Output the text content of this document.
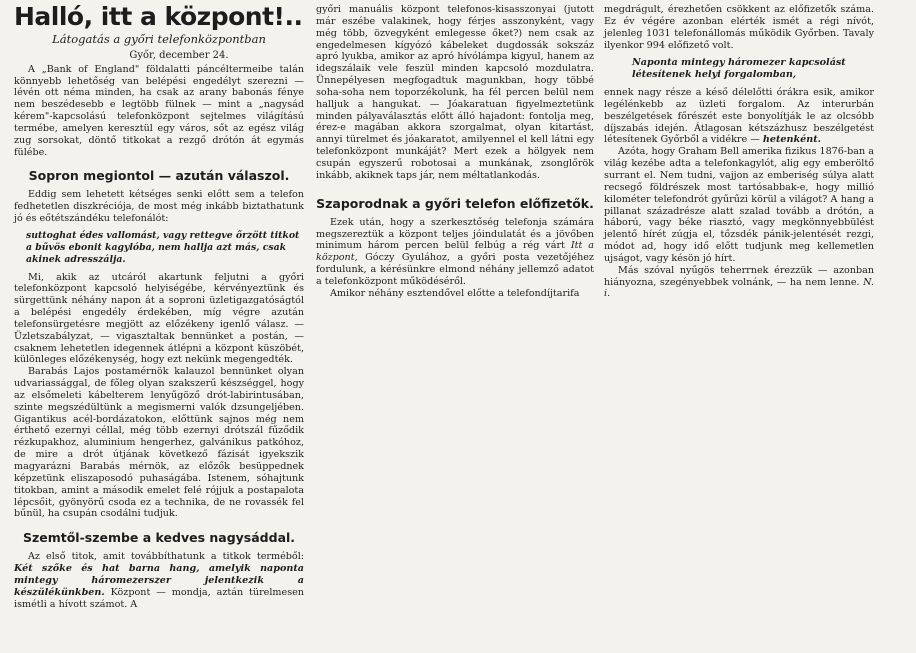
Halló, itt a központ!..
Látogatás a győri telefonközpontban
Győr, december 24.

A „Bank of England" földalatti páncéltermeibe talán könnyebb lehetőség van belépési engedélyt szerezni — lévén ott néma minden, ha csak az arany babonás fénye nem beszédesebb e legtöbb fülnek — mint a „nagysád kérem"-kapcsolású telefonközpont sejtelmes világítású termébe, amelyen keresztül egy város, sőt az egész világ zug sorsokat, döntő titkokat a rezgő drótón át egymás fülébe.

Sopron megiontol — azután válaszol.

Eddig sem lehetett kétséges senki előtt sem a telefon fedhetetlen diszkréciója, de most még inkább biztathatunk jó és eőtétszándéku telefonálót:

suttoghat édes vallomást, vagy rettegve őrzött titkot a bűvös ebonit kagylóba, nem hallja azt más, csak akinek adresszálja.

Mi, akik az utcáról akartunk feljutni a győri telefonközpont kapcsoló helyiségébe, kérvényeztünk és sürgettünk néhány napon át a soproni üzletigazgatóságtól a belépési engedély érdekében, míg végre azután telefonsürgetésre megjött az előzékeny igenlő válasz. — Üzletszabályzat, — vigasztaltak bennünket a postán, — csaknem lehetetlen idegennek átlépni a központ küszöbét, különleges előzékenység, hogy ezt nekünk megengedték.

Barabás Lajos postamérnök kalauzol bennünket olyan udvariassággal, de főleg olyan szakszerű készséggel, hogy az elsőmeleti kábelterem lenyűgöző drót-labirintusában, szinte megszédültünk a megismerni valók dzsungeljében. Gigantikus acél-bordázatokon, előttünk sajnos még nem érthető ezernyi céllal, még több ezernyi drótszál fűződik rézkupakhoz, aluminium hengerhez, galvánikus patkóhoz, de mire a drót útjának következő fázisát igyekszik magyarázni Barabás mérnök, az előzők besüppednek képzetünk eliszaposodó puhaságába. Istenem, sóhajtunk titokban, amint a második emelet felé rójjuk a postapalota lépcsőit, gyönyörű csoda ez a technika, de ne rovassék fel bűnül, ha csupán csodálni tudjuk.

Szemtől-szembe a kedves nagysáddal.

Az első titok, amit továbbíthatunk a titkok terméből: Két szőke és hat barna hang, amelyik naponta mintegy háromezerszer jelentkezik a készülékünkben. Központ — mondja, aztán türelmesen ismétli a hívott számot. A

győri manuális központ telefonos-kisasszonyai (jutott már eszébe valakinek, hogy férjes asszonyként, vagy még több, özvegyként emlegesse őket?) nem csak az engedelmesen kígyózó kábeleket dugdossák sokszáz apró lyukba, amikor az apró hívólámpa kigyul, hanem az idegszálaik vele feszül minden kapcsoló mozdulatra. Ünnepélyesen megfogadtuk magunkban, hogy többé soha-soha nem toporzékolunk, ha fél percen belül nem halljuk a hangukat. — Jóakaratuan figyelmeztetünk minden pályaválasztás előtt álló hajadont: fontolja meg, érez-e magában akkora szorgalmat, olyan kitartást, annyi türelmet és jóakaratot, amilyennel el kell látni egy telefonközpont munkáját? Mert ezek a hölgyek nem csupán egyszerű robotosai a munkának, zsonglőrök inkább, akiknek taps jár, nem méltatlankodás.

Szaporodnak a győri telefon előfizetők.

Ezek után, hogy a szerkesztőség telefonja számára megszereztük a központ teljes jóindulatát és a jövőben minimum három percen belül felbúg a rég várt Itt a központ, Góczy Gyulához, a győri posta vezetőjéhez fordulunk, a kérésünkre elmond néhány jellemző adatot a telefonközpont működéséről.

Amikor néhány esztendővel előtte a telefondíjtarifa

megdrágult, érezhetően csökkent az előfizetők száma. Ez év végére azonban elérték ismét a régi nívót, jelenleg 1031 telefonállomás működik Győrben. Tavaly ilyenkor 994 előfizető volt.

Naponta mintegy háromezer kapcsolást létesítenek helyi forgalomban,

ennek nagy része a késő délelőtti órákra esik, amikor legélénkebb az üzleti forgalom. Az interurbán beszélgetések főrészét este bonyolítják le az olcsóbb díjszabás idején. Átlagosan kétszázhusz beszélgetést létesítenek Győrből a vidékre — hetenként.

Azóta, hogy Graham Bell amerika fizikus 1876-ban a világ kezébe adta a telefonkagylót, alig egy emberöltő surrant el. Nem tudni, vajjon az emberiség súlya alatt recsegő földrészek most tartósabbak-e, hogy millió kilométer telefondrót gyűrűzi körül a világot? A hang a pillanat századrésze alatt szalad tovább a drótón, a háború, vagy béke riasztó, vagy megkönnyebbülést jelentő hírét zúgja el, tőzsdék pánik-jelentését rezgi, módot ad, hogy idő előtt tudjunk meg kellemetlen ujságot, vagy késön jó hírt.

Más szóval nyűgös teherrnek érezzük — azonban hiányozna, szegényebbek volnánk, — ha nem lenne. N. i.
